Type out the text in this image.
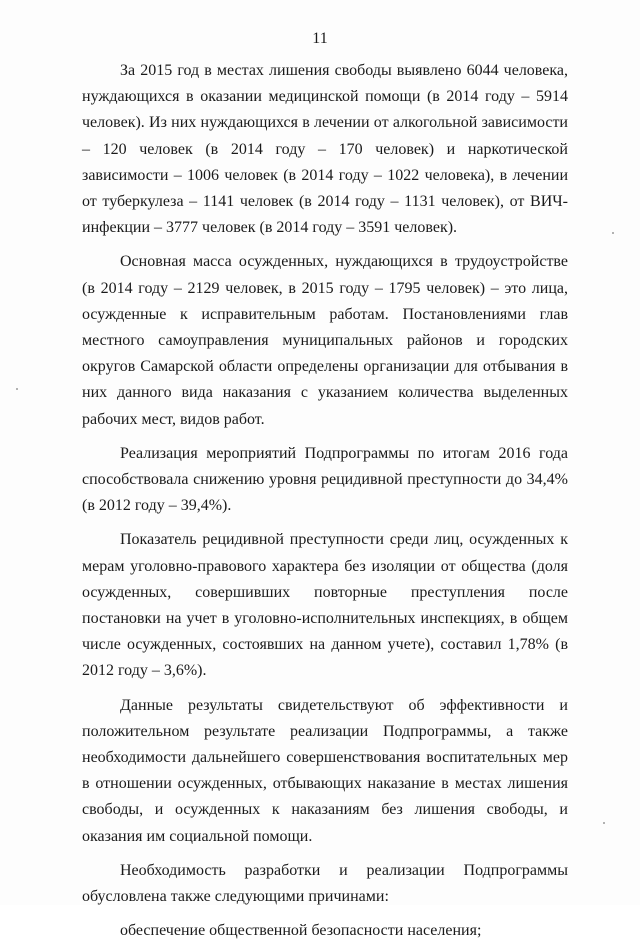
11

За 2015 год в местах лишения свободы выявлено 6044 человека, нуждающихся в оказании медицинской помощи (в 2014 году – 5914 человек). Из них нуждающихся в лечении от алкогольной зависимости – 120 человек (в 2014 году – 170 человек) и наркотической зависимости – 1006 человек (в 2014 году – 1022 человека), в лечении от туберкулеза – 1141 человек (в 2014 году – 1131 человек), от ВИЧ-инфекции – 3777 человек (в 2014 году – 3591 человек).

Основная масса осужденных, нуждающихся в трудоустройстве (в 2014 году – 2129 человек, в 2015 году – 1795 человек) – это лица, осужденные к исправительным работам. Постановлениями глав местного самоуправления муниципальных районов и городских округов Самарской области определены организации для отбывания в них данного вида наказания с указанием количества выделенных рабочих мест, видов работ.

Реализация мероприятий Подпрограммы по итогам 2016 года способствовала снижению уровня рецидивной преступности до 34,4% (в 2012 году – 39,4%).

Показатель рецидивной преступности среди лиц, осужденных к мерам уголовно-правового характера без изоляции от общества (доля осужденных, совершивших повторные преступления после постановки на учет в уголовно-исполнительных инспекциях, в общем числе осужденных, состоявших на данном учете), составил 1,78% (в 2012 году – 3,6%).

Данные результаты свидетельствуют об эффективности и положительном результате реализации Подпрограммы, а также необходимости дальнейшего совершенствования воспитательных мер в отношении осужденных, отбывающих наказание в местах лишения свободы, и осужденных к наказаниям без лишения свободы, и оказания им социальной помощи.

Необходимость разработки и реализации Подпрограммы обусловлена также следующими причинами:

обеспечение общественной безопасности населения;
